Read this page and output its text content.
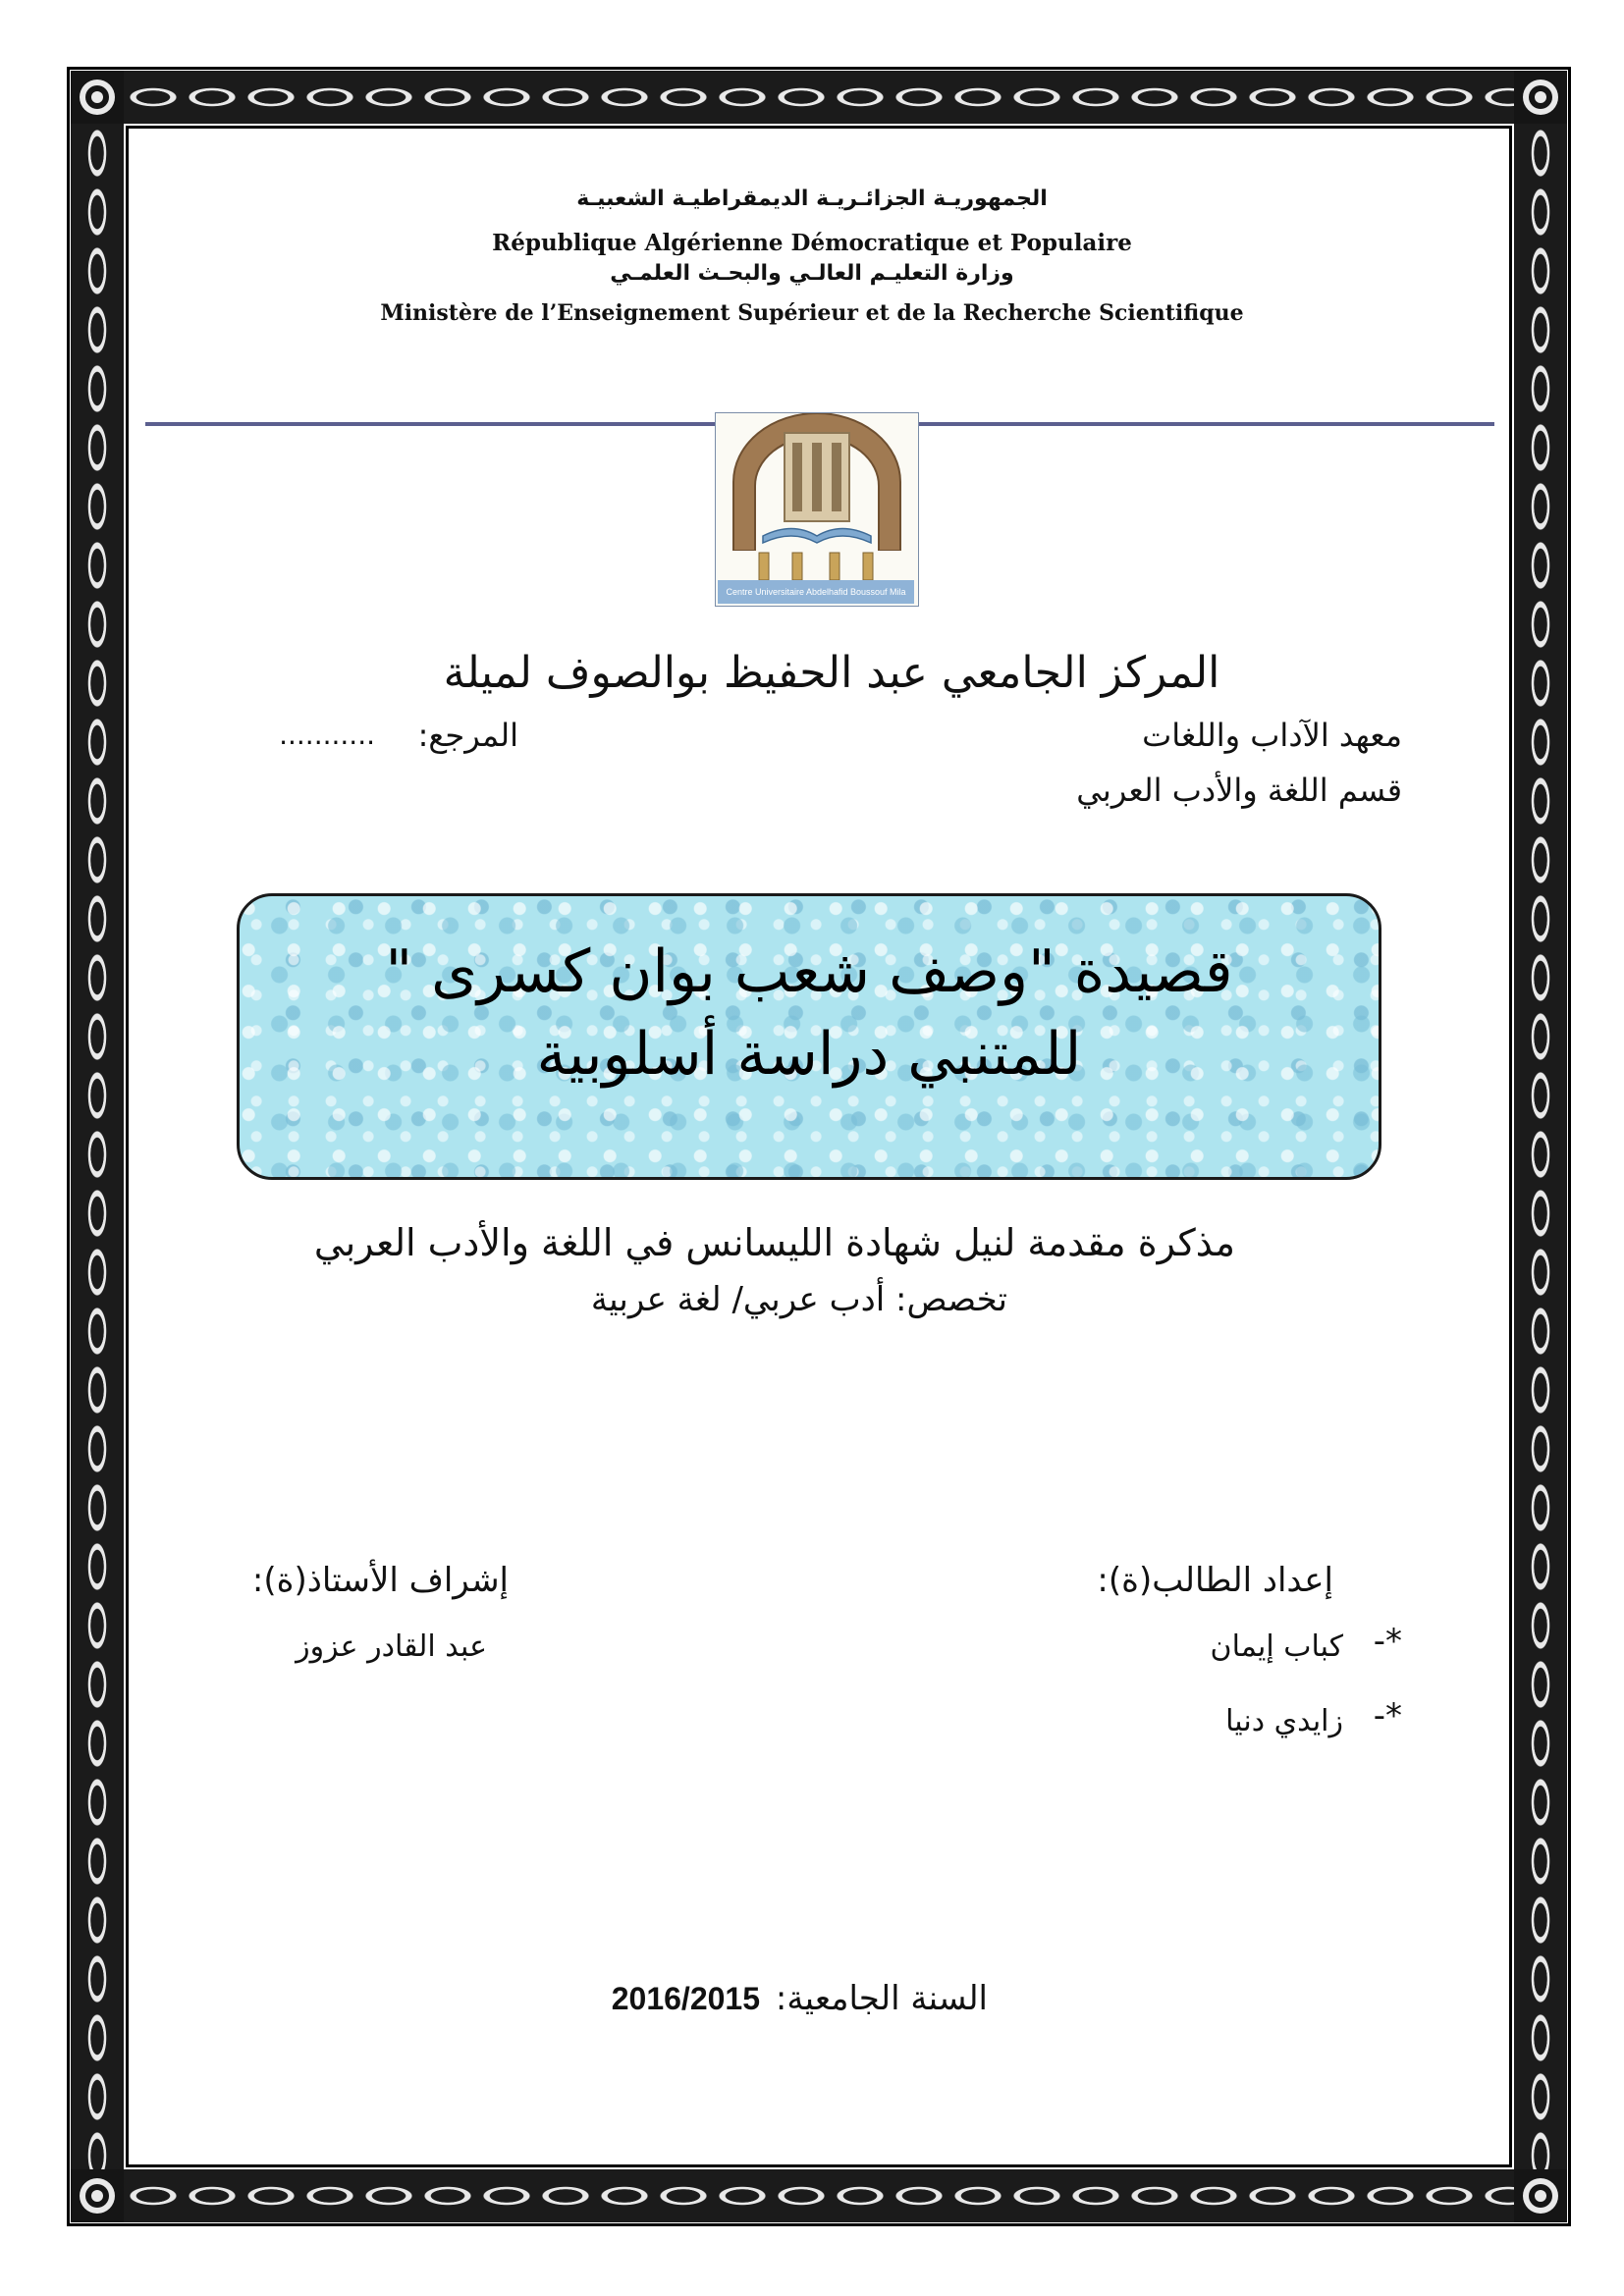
الجمهوريـة الجزائـريـة الديمقراطيـة الشعبيـة

République Algérienne Démocratique et Populaire

وزارة التعليـم العالـي والبحـث العلمـي

Ministère de l’Enseignement Supérieur et de la Recherche Scientifique

Centre Universitaire Abdelhafid Boussouf Mila

المركز الجامعي عبد الحفيظ بوالصوف لميلة

معهد الآداب واللغات

المرجع:

...........

قسم اللغة والأدب العربي

قصيدة "وصف شعب بوان كسرى "

للمتنبي دراسة أسلوبية

مذكرة مقدمة لنيل شهادة الليسانس في اللغة والأدب العربي

تخصص: أدب عربي/ لغة عربية

إعداد الطالب(ة):

إشراف الأستاذ(ة):

*-

كباب إيمان

عبد القادر عزوز

*-

زايدي دنيا

السنة الجامعية:

2016/2015
